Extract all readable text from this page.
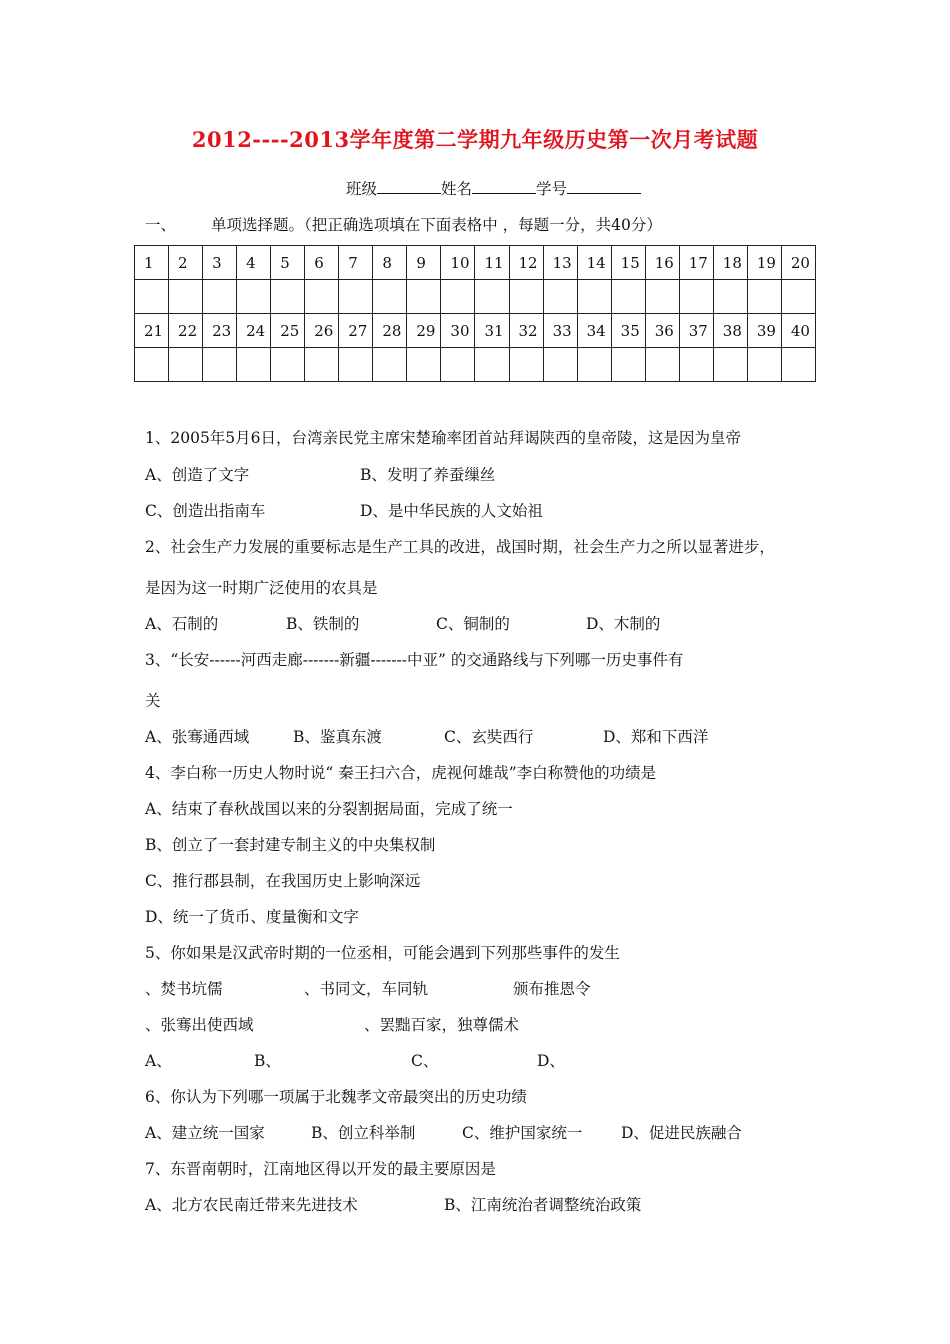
2012----2013学年度第二学期九年级历史第一次月考试题
班级	姓名	学号
一、 单项选择题。（把正确选项填在下面表格中 ，每题一分，共40分）
1	2	3	4	5	6	7	8	9	10	11	12	13	14	15	16	17	18	19	20

21	22	23	24	25	26	27	28	29	30	31	32	33	34	35	36	37	38	39	40

1、2005年5月6日，台湾亲民党主席宋楚瑜率团首站拜谒陕西的皇帝陵，这是因为皇帝
A、创造了文字	B、发明了养蚕缫丝
C、创造出指南车	D、是中华民族的人文始祖
2、社会生产力发展的重要标志是生产工具的改进，战国时期，社会生产力之所以显著进步，
是因为这一时期广泛使用的农具是
A、石制的	B、铁制的	C、铜制的	D、木制的
3、“长安------河西走廊-------新疆-------中亚” 的交通路线与下列哪一历史事件有
关
A、张骞通西域	B、鉴真东渡	C、玄奘西行	D、郑和下西洋
4、李白称一历史人物时说“ 秦王扫六合，虎视何雄哉”李白称赞他的功绩是
A、结束了春秋战国以来的分裂割据局面，完成了统一
B、创立了一套封建专制主义的中央集权制
C、推行郡县制，在我国历史上影响深远
D、统一了货币、度量衡和文字
5、你如果是汉武帝时期的一位丞相，可能会遇到下列那些事件的发生
、焚书坑儒	、书同文，车同轨	颁布推恩令
、张骞出使西域	、罢黜百家，独尊儒术
A、	B、	C、	D、
6、你认为下列哪一项属于北魏孝文帝最突出的历史功绩
A、建立统一国家	B、创立科举制	C、维护国家统一 D、促进民族融合
7、东晋南朝时，江南地区得以开发的最主要原因是
A、北方农民南迁带来先进技术	B、江南统治者调整统治政策
